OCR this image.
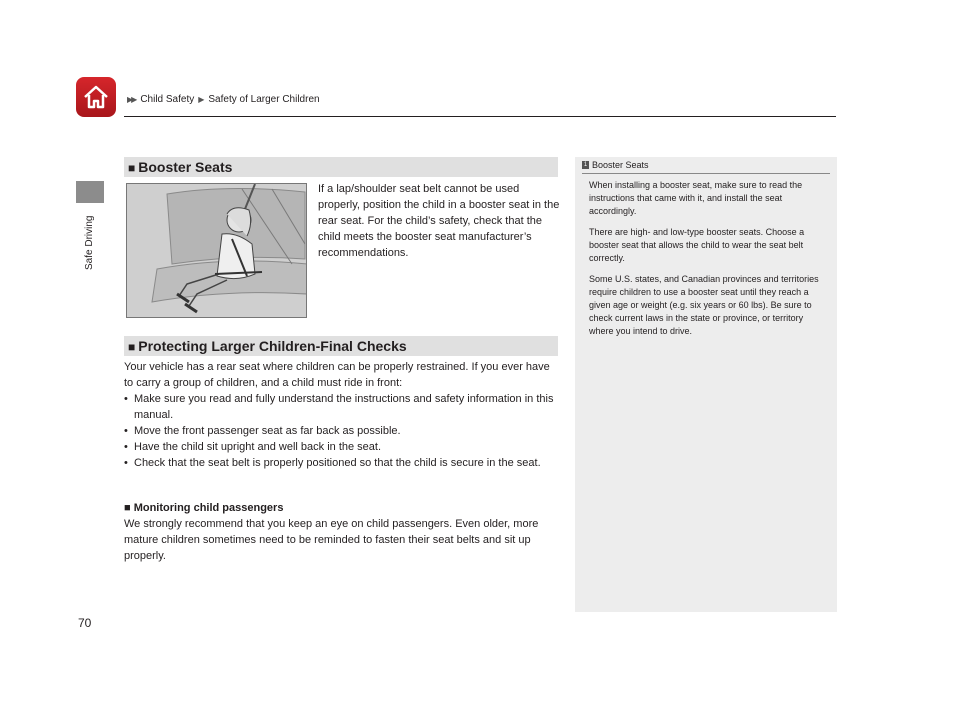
▶▶ Child Safety ▶ Safety of Larger Children
Safe Driving
■ Booster Seats
If a lap/shoulder seat belt cannot be used properly, position the child in a booster seat in the rear seat. For the child’s safety, check that the child meets the booster seat manufacturer’s recommendations.
■ Protecting Larger Children-Final Checks
Your vehicle has a rear seat where children can be properly restrained. If you ever have to carry a group of children, and a child must ride in front:
• Make sure you read and fully understand the instructions and safety information in this manual.
• Move the front passenger seat as far back as possible.
• Have the child sit upright and well back in the seat.
• Check that the seat belt is properly positioned so that the child is secure in the seat.
■ Monitoring child passengers
We strongly recommend that you keep an eye on child passengers. Even older, more mature children sometimes need to be reminded to fasten their seat belts and sit up properly.
1 Booster Seats

When installing a booster seat, make sure to read the instructions that came with it, and install the seat accordingly.

There are high- and low-type booster seats. Choose a booster seat that allows the child to wear the seat belt correctly.

Some U.S. states, and Canadian provinces and territories require children to use a booster seat until they reach a given age or weight (e.g. six years or 60 lbs). Be sure to check current laws in the state or province, or territory where you intend to drive.

70
